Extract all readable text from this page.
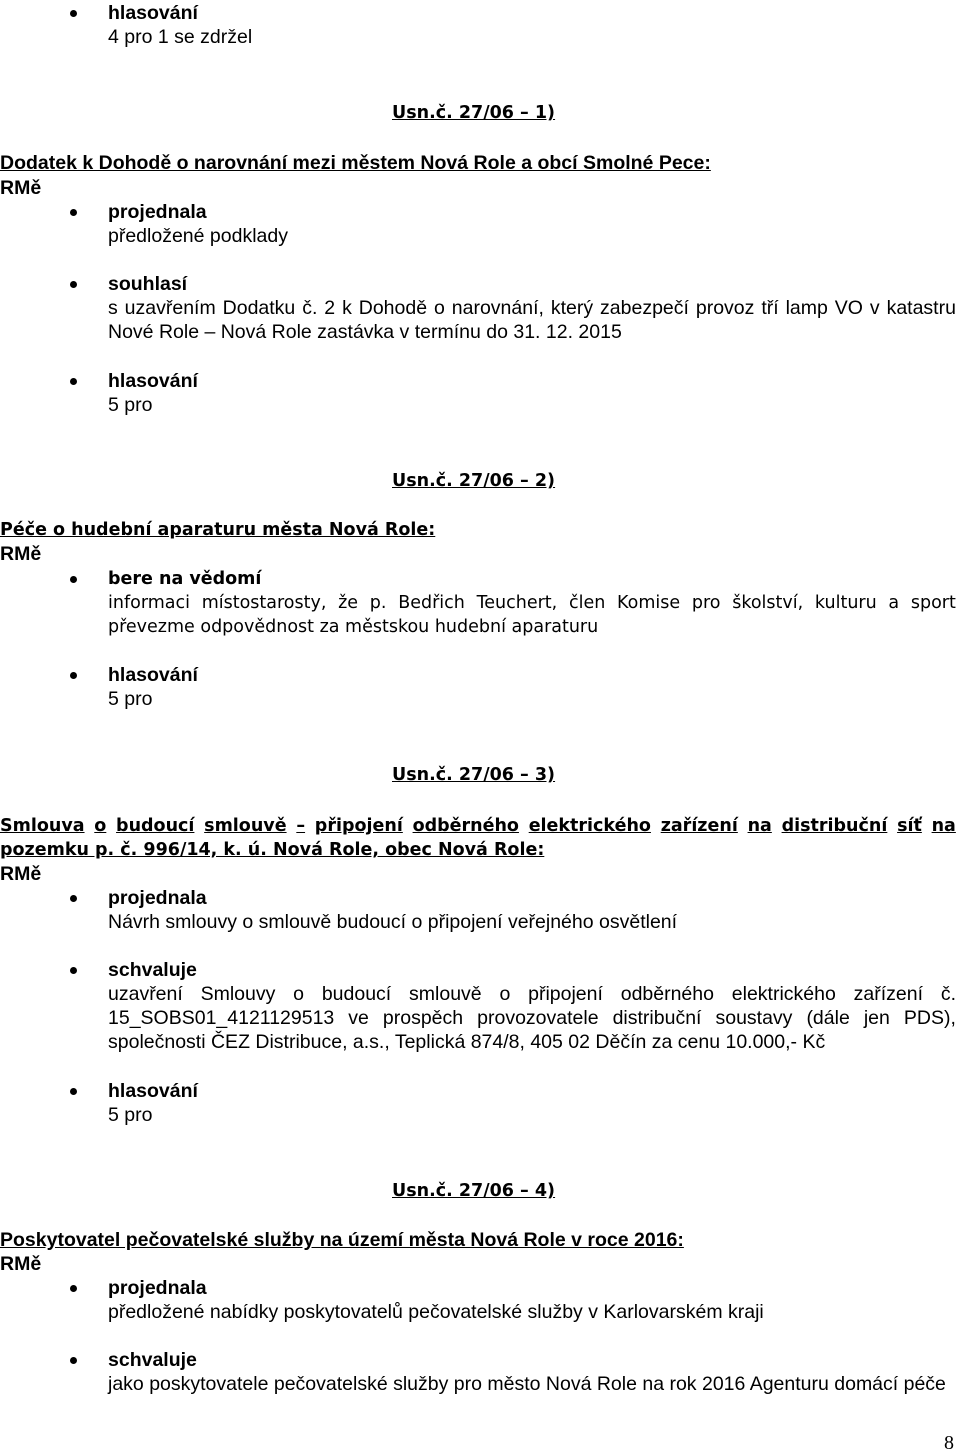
hlasování
4 pro 1 se zdržel
Usn.č. 27/06 – 1)
Dodatek k Dohodě o narovnání mezi městem Nová Role a obcí Smolné Pece:
RMě
projednala
předložené podklady
souhlasí
s uzavřením Dodatku č. 2 k Dohodě o narovnání, který zabezpečí provoz tří lamp VO v katastru
Nové Role – Nová Role zastávka v termínu do 31. 12. 2015
hlasování
5 pro
Usn.č. 27/06 – 2)
Péče o hudební aparaturu města Nová Role:
RMě
bere na vědomí
informaci místostarosty, že p. Bedřich Teuchert, člen Komise pro školství, kulturu a sport
převezme odpovědnost za městskou hudební aparaturu
hlasování
5 pro
Usn.č. 27/06 – 3)
Smlouva o budoucí smlouvě – připojení odběrného elektrického zařízení na distribuční síť na
pozemku p. č. 996/14, k. ú. Nová Role, obec Nová Role:
RMě
projednala
Návrh smlouvy o smlouvě budoucí o připojení veřejného osvětlení
schvaluje
uzavření Smlouvy o budoucí smlouvě o připojení odběrného elektrického zařízení č.
15_SOBS01_4121129513 ve prospěch provozovatele distribuční soustavy (dále jen PDS),
společnosti ČEZ Distribuce, a.s., Teplická 874/8, 405 02 Děčín za cenu 10.000,- Kč
hlasování
5 pro
Usn.č. 27/06 – 4)
Poskytovatel pečovatelské služby na území města Nová Role v roce 2016:
RMě
projednala
předložené nabídky poskytovatelů pečovatelské služby v Karlovarském kraji
schvaluje
jako poskytovatele pečovatelské služby pro město Nová Role na rok 2016 Agenturu domácí péče
8
